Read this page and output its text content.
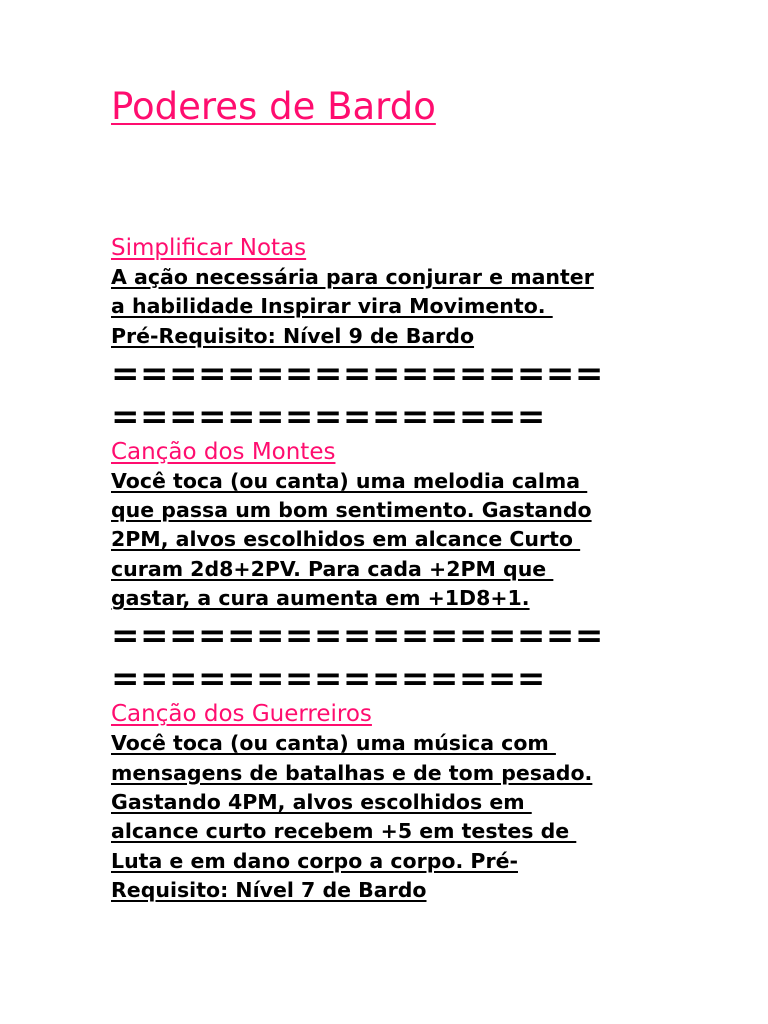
Poderes de Bardo
Simplificar Notas

A ação necessária para conjurar e manter

a habilidade Inspirar vira Movimento.

Pré-Requisito: Nível 9 de Bardo

=================

===============

Canção dos Montes

Você toca (ou canta) uma melodia calma

que passa um bom sentimento. Gastando

2PM, alvos escolhidos em alcance Curto

curam 2d8+2PV. Para cada +2PM que

gastar, a cura aumenta em +1D8+1.

=================

===============

Canção dos Guerreiros

Você toca (ou canta) uma música com

mensagens de batalhas e de tom pesado.

Gastando 4PM, alvos escolhidos em

alcance curto recebem +5 em testes de

Luta e em dano corpo a corpo. Pré-

Requisito: Nível 7 de Bardo
